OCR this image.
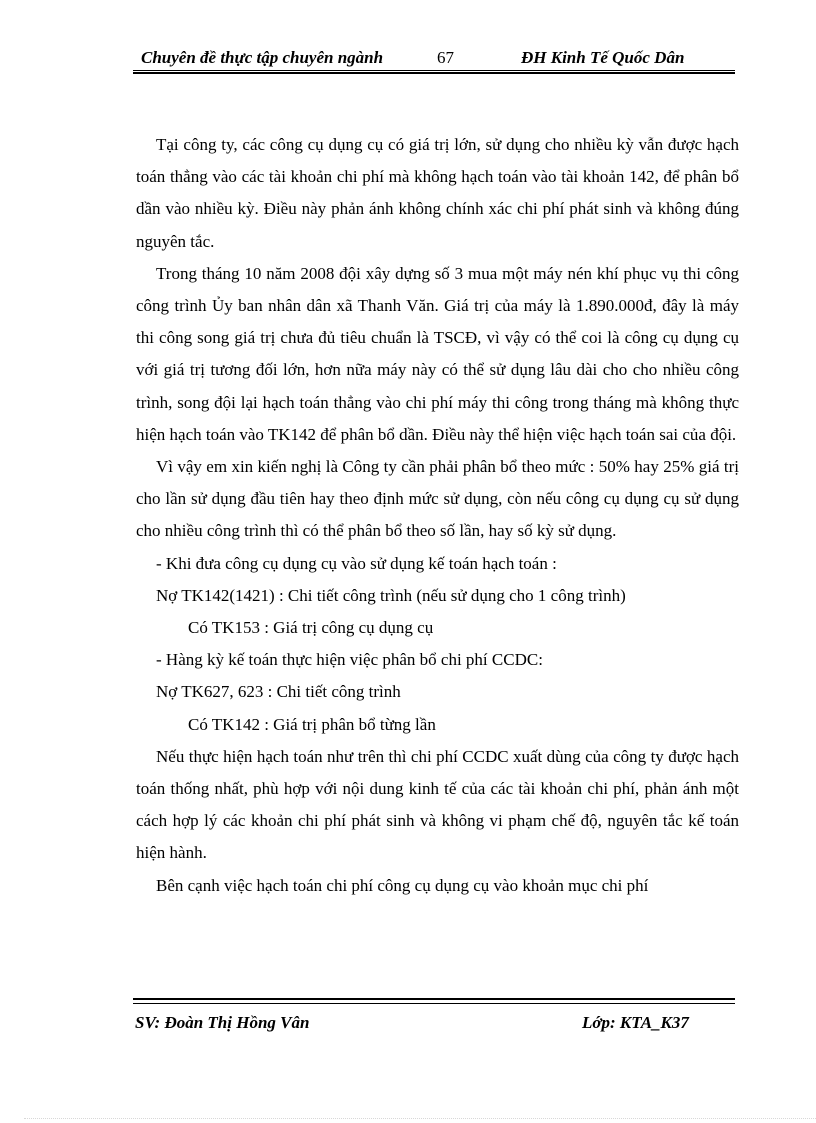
Chuyên đề thực tập chuyên ngành	67	ĐH Kinh Tế Quốc Dân

Tại công ty, các công cụ dụng cụ có giá trị lớn, sử dụng cho nhiều kỳ vẫn được hạch toán thẳng vào các tài khoản chi phí mà không hạch toán vào tài khoản 142, để phân bổ dần vào nhiều kỳ. Điều này phản ánh không chính xác chi phí phát sinh và không đúng nguyên tắc.

Trong tháng 10 năm 2008 đội xây dựng số 3 mua một máy nén khí phục vụ thi công công trình Ủy ban nhân dân xã Thanh Văn. Giá trị của máy là 1.890.000đ, đây là máy thi công song giá trị chưa đủ tiêu chuẩn là TSCĐ, vì vậy có thể coi là công cụ dụng cụ với giá trị tương đối lớn, hơn nữa máy này có thể sử dụng lâu dài cho cho nhiều công trình, song đội lại hạch toán thẳng vào chi phí máy thi công trong tháng mà không thực hiện hạch toán vào TK142 để phân bổ dần. Điều này thể hiện việc hạch toán sai của đội.

Vì vậy em xin kiến nghị là Công ty cần phải phân bổ theo mức : 50% hay 25% giá trị cho lần sử dụng đầu tiên hay theo định mức sử dụng, còn nếu công cụ dụng cụ sử dụng cho nhiều công trình thì có thể phân bổ theo số lần, hay số kỳ sử dụng.

- Khi đưa công cụ dụng cụ vào sử dụng kế toán hạch toán :
Nợ TK142(1421) : Chi tiết công trình (nếu sử dụng cho 1 công trình)
Có TK153 : Giá trị công cụ dụng cụ
- Hàng kỳ kế toán thực hiện việc phân bổ chi phí CCDC:
Nợ TK627, 623 : Chi tiết công trình
Có TK142 : Giá trị phân bổ từng lần

Nếu thực hiện hạch toán như trên thì chi phí CCDC xuất dùng của công ty được hạch toán thống nhất, phù hợp với nội dung kinh tế của các tài khoản chi phí, phản ánh một cách hợp lý các khoản chi phí phát sinh và không vi phạm chế độ, nguyên tắc kế toán hiện hành.

Bên cạnh việc hạch toán chi phí công cụ dụng cụ vào khoản mục chi phí

SV: Đoàn Thị Hồng Vân	Lớp: KTA_K37
